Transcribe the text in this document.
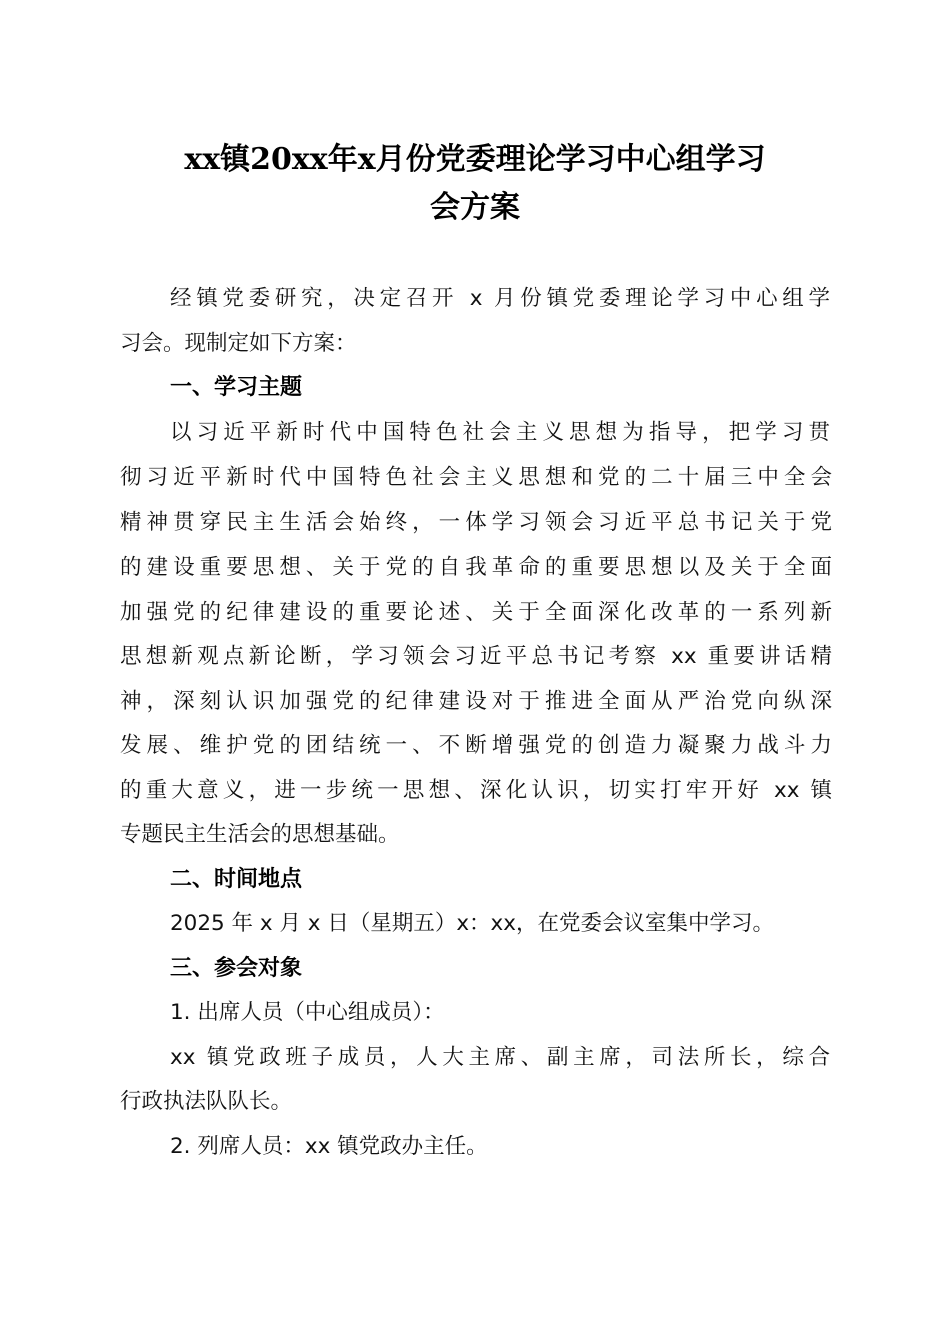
xx镇20xx年x月份党委理论学习中心组学习
会方案
经镇党委研究，决定召开 x 月份镇党委理论学习中心组学
习会。现制定如下方案：
一、学习主题
以习近平新时代中国特色社会主义思想为指导，把学习贯
彻习近平新时代中国特色社会主义思想和党的二十届三中全会
精神贯穿民主生活会始终，一体学习领会习近平总书记关于党
的建设重要思想、关于党的自我革命的重要思想以及关于全面
加强党的纪律建设的重要论述、关于全面深化改革的一系列新
思想新观点新论断，学习领会习近平总书记考察 xx 重要讲话精
神，深刻认识加强党的纪律建设对于推进全面从严治党向纵深
发展、维护党的团结统一、不断增强党的创造力凝聚力战斗力
的重大意义，进一步统一思想、深化认识，切实打牢开好 xx 镇
专题民主生活会的思想基础。
二、时间地点
2025 年 x 月 x 日（星期五）x：xx，在党委会议室集中学习。
三、参会对象
1. 出席人员（中心组成员）：
xx 镇党政班子成员，人大主席、副主席，司法所长，综合
行政执法队队长。
2. 列席人员：xx 镇党政办主任。
